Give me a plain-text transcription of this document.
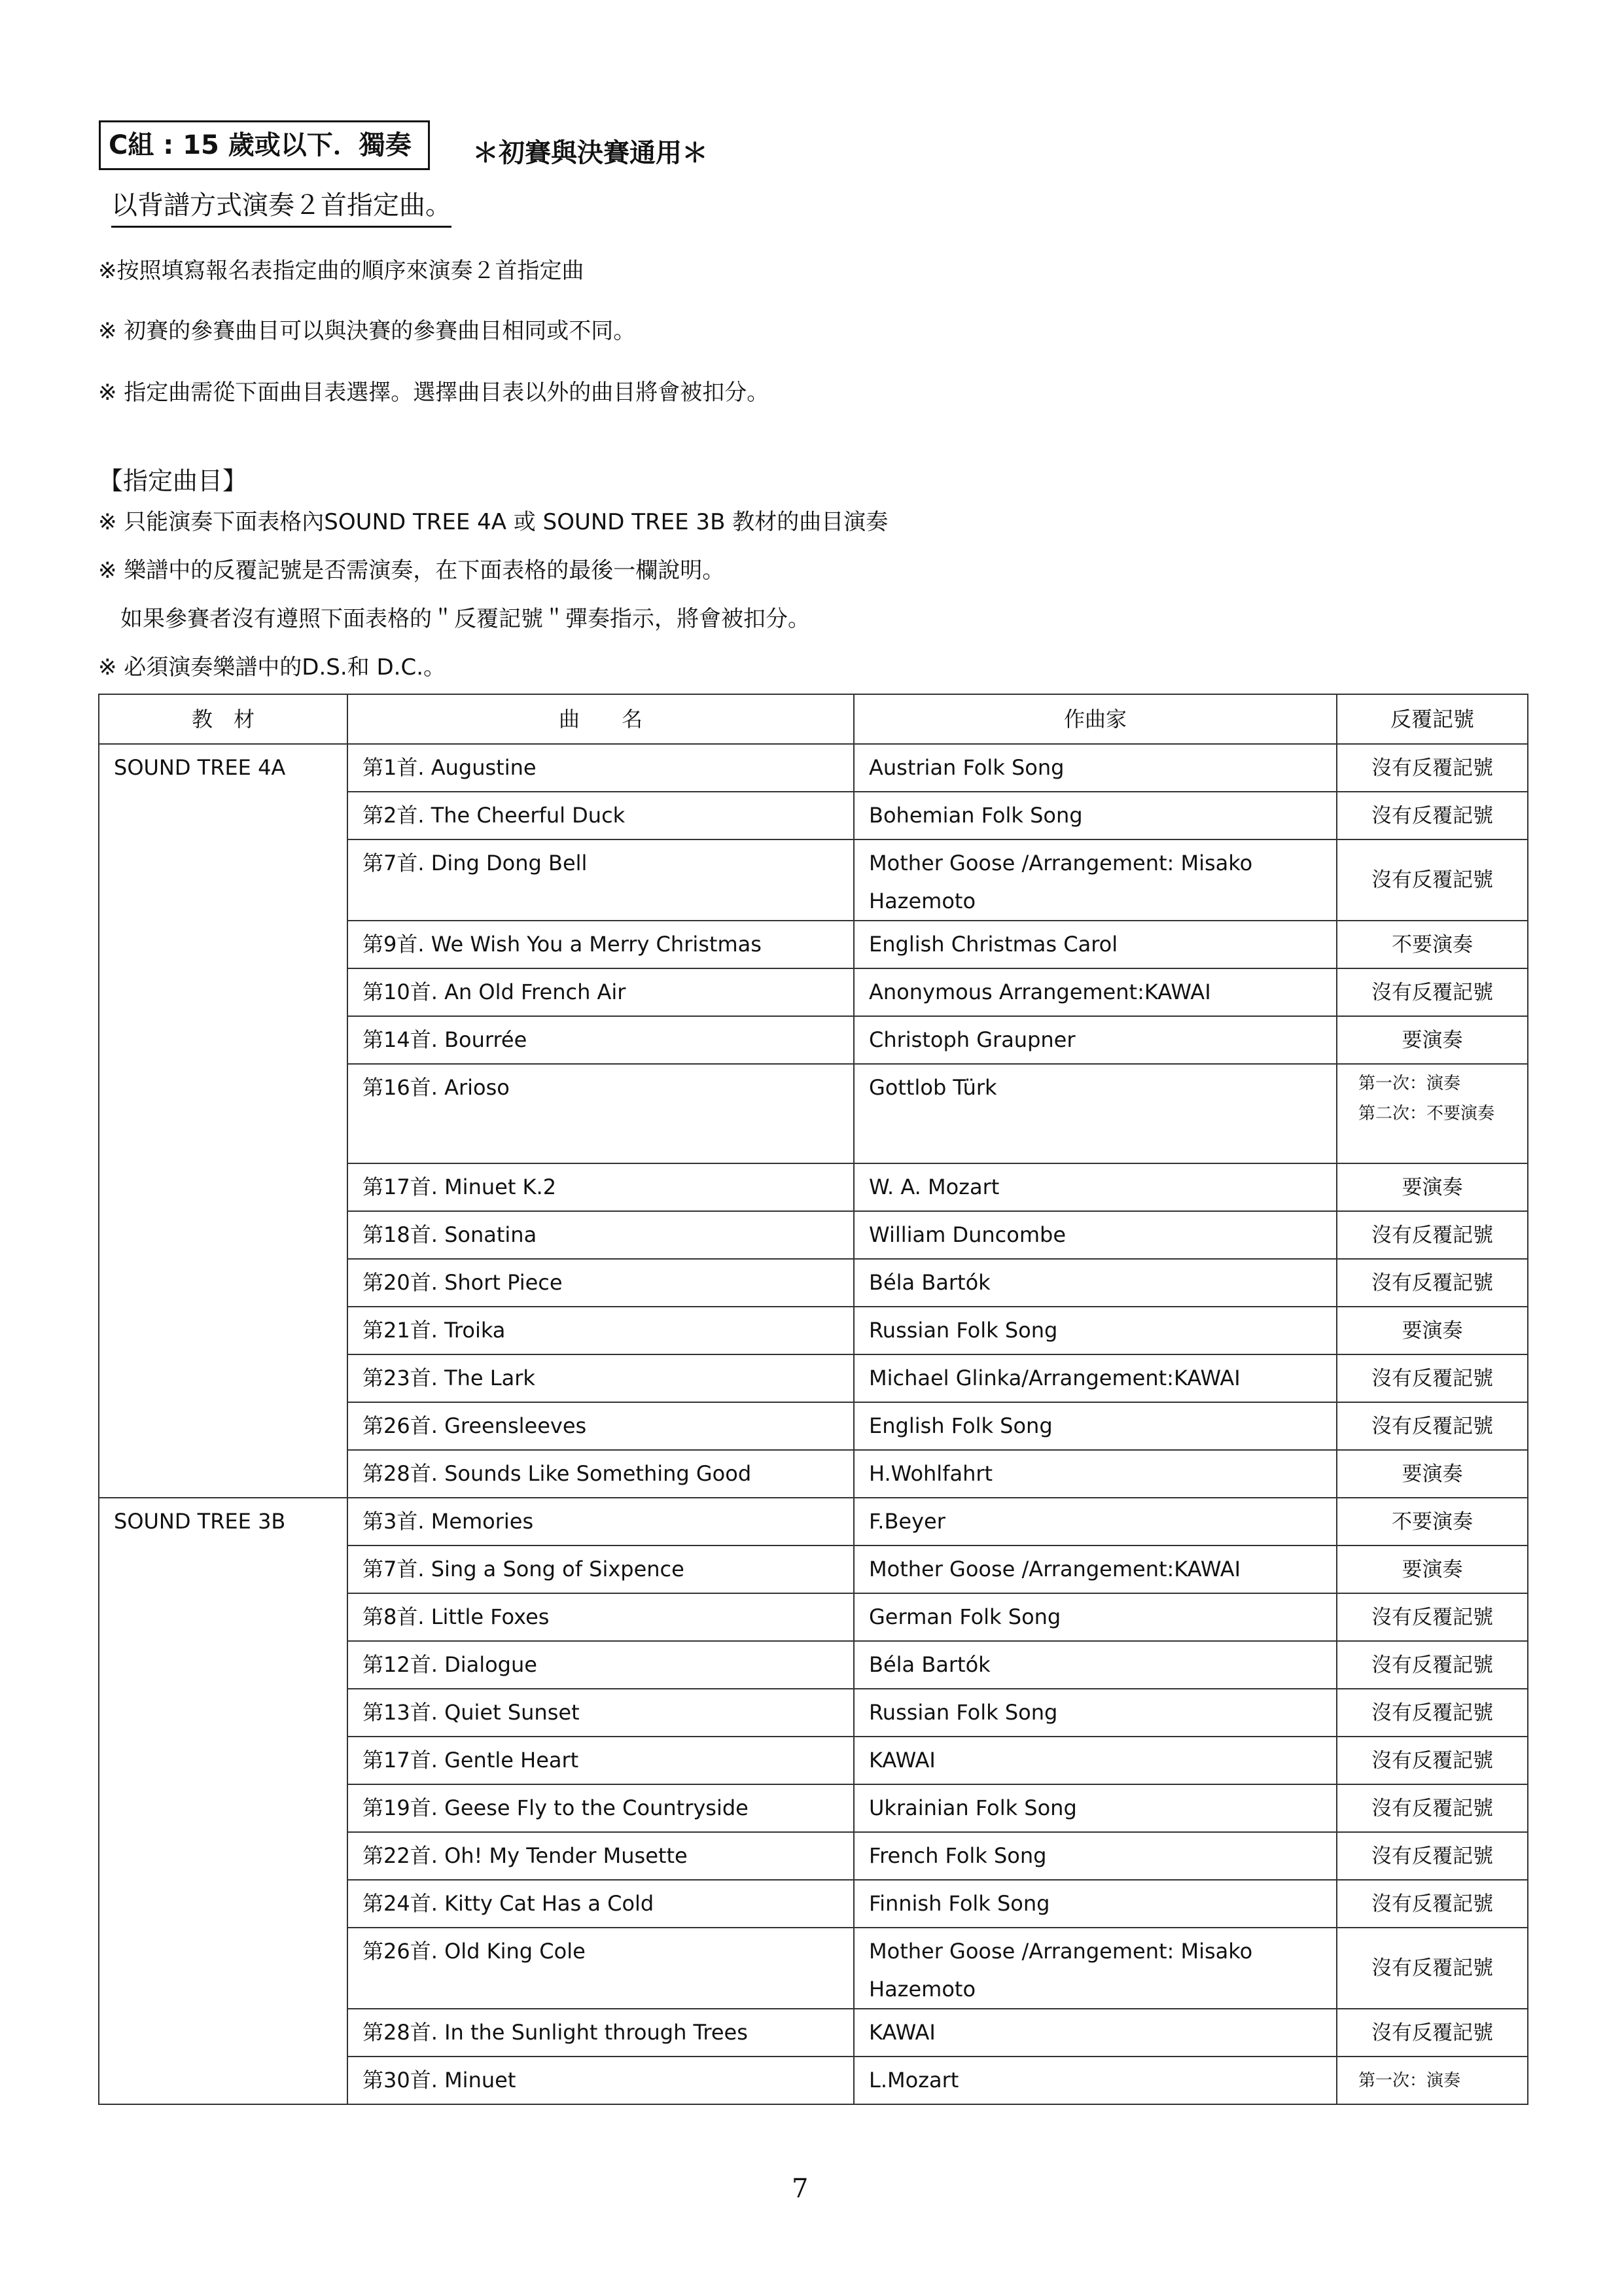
C組 : 15 歲或以下．獨奏	＊初賽與決賽通用＊
以背譜方式演奏２首指定曲。
※按照填寫報名表指定曲的順序來演奏２首指定曲
※ 初賽的參賽曲目可以與決賽的參賽曲目相同或不同。
※ 指定曲需從下面曲目表選擇。選擇曲目表以外的曲目將會被扣分。
【指定曲目】
※ 只能演奏下面表格內SOUND TREE 4A 或 SOUND TREE 3B 教材的曲目演奏
※ 樂譜中的反覆記號是否需演奏，在下面表格的最後一欄說明。
　如果參賽者沒有遵照下面表格的＂反覆記號＂彈奏指示，將會被扣分。
※ 必須演奏樂譜中的D.S.和 D.C.。
教　材	曲　　名	作曲家	反覆記號
SOUND TREE 4A	第1首. Augustine	Austrian Folk Song	沒有反覆記號
	第2首. The Cheerful Duck	Bohemian Folk Song	沒有反覆記號
	第7首. Ding Dong Bell	Mother Goose /Arrangement: Misako Hazemoto	沒有反覆記號
	第9首. We Wish You a Merry Christmas	English Christmas Carol	不要演奏
	第10首. An Old French Air	Anonymous Arrangement:KAWAI	沒有反覆記號
	第14首. Bourrée	Christoph Graupner	要演奏
	第16首. Arioso	Gottlob Türk	第一次：演奏
第二次：不要演奏

	第17首. Minuet K.2	W. A. Mozart	要演奏
	第18首. Sonatina	William Duncombe	沒有反覆記號
	第20首. Short Piece	Béla Bartók	沒有反覆記號
	第21首. Troika	Russian Folk Song	要演奏
	第23首. The Lark	Michael Glinka/Arrangement:KAWAI	沒有反覆記號
	第26首. Greensleeves	English Folk Song	沒有反覆記號
	第28首. Sounds Like Something Good	H.Wohlfahrt	要演奏
SOUND TREE 3B	第3首. Memories	F.Beyer	不要演奏
	第7首. Sing a Song of Sixpence	Mother Goose /Arrangement:KAWAI	要演奏
	第8首. Little Foxes	German Folk Song	沒有反覆記號
	第12首. Dialogue	Béla Bartók	沒有反覆記號
	第13首. Quiet Sunset	Russian Folk Song	沒有反覆記號
	第17首. Gentle Heart	KAWAI	沒有反覆記號
	第19首. Geese Fly to the Countryside	Ukrainian Folk Song	沒有反覆記號
	第22首. Oh! My Tender Musette	French Folk Song	沒有反覆記號
	第24首. Kitty Cat Has a Cold	Finnish Folk Song	沒有反覆記號
	第26首. Old King Cole	Mother Goose /Arrangement: Misako Hazemoto	沒有反覆記號
	第28首. In the Sunlight through Trees	KAWAI	沒有反覆記號
	第30首. Minuet	L.Mozart	第一次：演奏
7
